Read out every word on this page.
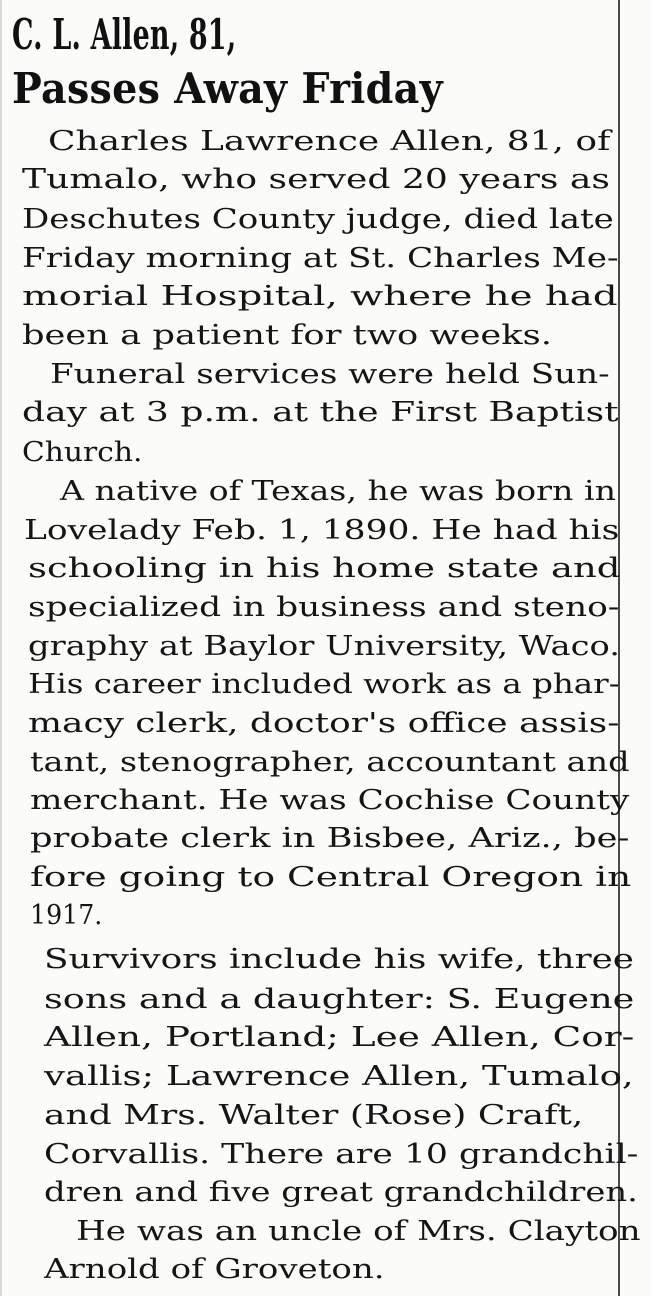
C. L. Allen, 81,
Passes Away Friday
Charles Lawrence Allen, 81, of
Tumalo, who served 20 years as
Deschutes County judge, died late
Friday morning at St. Charles Me-
morial Hospital, where he had
been a patient for two weeks.
Funeral services were held Sun-
day at 3 p.m. at the First Baptist
Church.
A native of Texas, he was born in
Lovelady Feb. 1, 1890. He had his
schooling in his home state and
specialized in business and steno-
graphy at Baylor University, Waco.
His career included work as a phar-
macy clerk, doctor's office assis-
tant, stenographer, accountant and
merchant. He was Cochise County
probate clerk in Bisbee, Ariz., be-
fore going to Central Oregon in
1917.
Survivors include his wife, three
sons and a daughter: S. Eugene
Allen, Portland; Lee Allen, Cor-
vallis; Lawrence Allen, Tumalo,
and Mrs. Walter (Rose) Craft,
Corvallis. There are 10 grandchil-
dren and five great grandchildren.
He was an uncle of Mrs. Clayton
Arnold of Groveton.
